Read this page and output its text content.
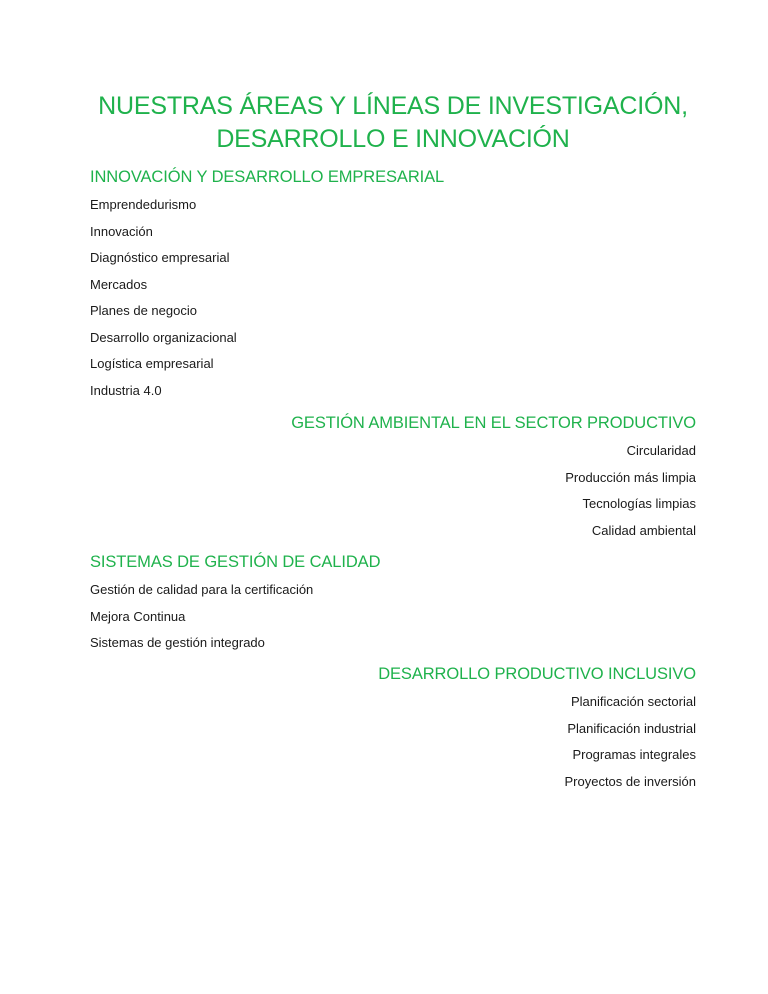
NUESTRAS ÁREAS Y LÍNEAS DE INVESTIGACIÓN,
DESARROLLO E INNOVACIÓN
INNOVACIÓN Y DESARROLLO EMPRESARIAL
Emprendedurismo
Innovación
Diagnóstico empresarial
Mercados
Planes de negocio
Desarrollo organizacional
Logística empresarial
Industria 4.0
GESTIÓN AMBIENTAL EN EL SECTOR PRODUCTIVO
Circularidad
Producción más limpia
Tecnologías limpias
Calidad ambiental
SISTEMAS DE GESTIÓN DE CALIDAD
Gestión de calidad para la certificación
Mejora Continua
Sistemas de gestión integrado
DESARROLLO PRODUCTIVO INCLUSIVO
Planificación sectorial
Planificación industrial
Programas integrales
Proyectos de inversión
